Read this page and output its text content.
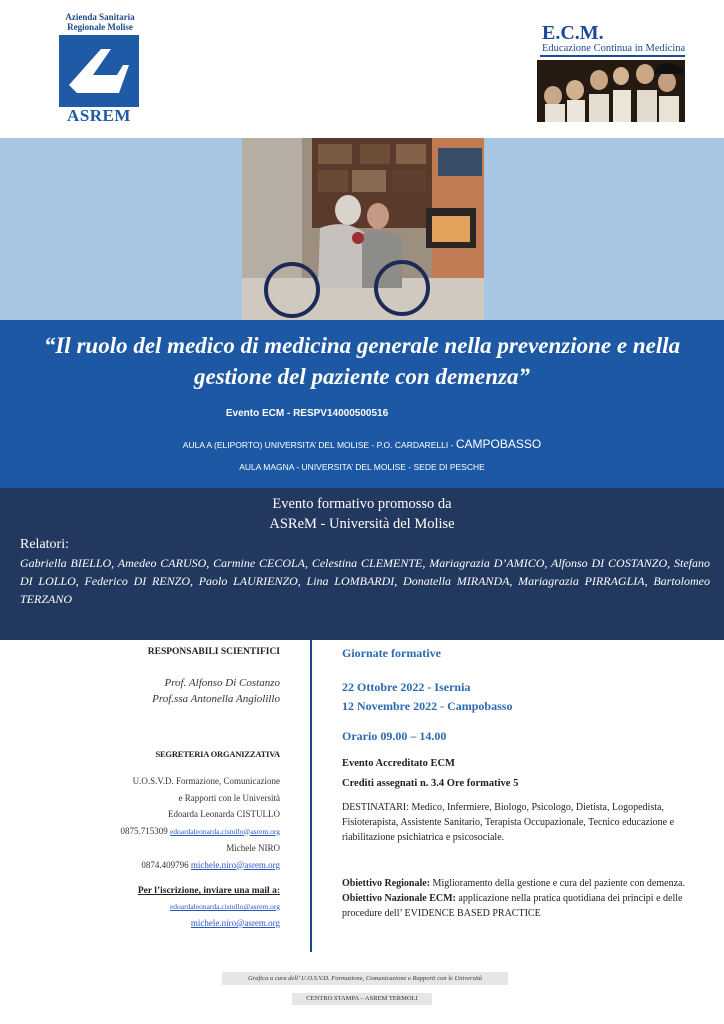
Azienda Sanitaria Regionale Molise
ASREM
E.C.M.
Educazione Continua in Medicina
“Il ruolo del medico di medicina generale nella prevenzione e nella gestione del paziente con demenza”
Evento ECM - RESPV14000500516
AULA A (ELIPORTO) UNIVERSITA’ DEL MOLISE - P.O. CARDARELLI - CAMPOBASSO
AULA MAGNA - UNIVERSITA’ DEL MOLISE - SEDE DI PESCHE
Evento formativo promosso da
ASReM - Università del Molise
Relatori:
Gabriella BIELLO, Amedeo CARUSO, Carmine CECOLA, Celestina CLEMENTE, Mariagrazia D’AMICO, Alfonso DI COSTANZO, Stefano DI LOLLO, Federico DI RENZO, Paolo LAURIENZO, Lina LOMBARDI, Donatella MIRANDA, Mariagrazia PIRRAGLIA, Bartolomeo TERZANO
RESPONSABILI SCIENTIFICI
Prof. Alfonso Di Costanzo
Prof.ssa Antonella Angiolillo
SEGRETERIA ORGANIZZATIVA
U.O.S.V.D. Formazione, Comunicazione
e Rapporti con le Università
Edoarda Leonarda CISTULLO
0875.715309 edoardaleonarda.cistullo@asrem.org
Michele NIRO
0874.409796 michele.niro@asrem.org
Per l’iscrizione, inviare una mail a:
edoardaleonarda.cistullo@asrem.org
michele.niro@asrem.org
Giornate formative
22 Ottobre 2022 - Isernia
12 Novembre 2022 - Campobasso
Orario 09.00 – 14.00
Evento Accreditato ECM
Crediti assegnati n. 3.4 Ore formative 5
DESTINATARI: Medico, Infermiere, Biologo, Psicologo, Dietista, Logopedista, Fisioterapista, Assistente Sanitario, Terapista Occupazionale, Tecnico educazione e riabilitazione psichiatrica e psicosociale.
Obiettivo Regionale: Miglioramento della gestione e cura del paziente con demenza.
Obiettivo Nazionale ECM: applicazione nella pratica quotidiana dei principi e delle procedure dell’ EVIDENCE BASED PRACTICE
Grafica a cura dell’ U.O.S.V.D. Formazione, Comunicazione e Rapporti con le Università
CENTRO STAMPA – ASREM TERMOLI
